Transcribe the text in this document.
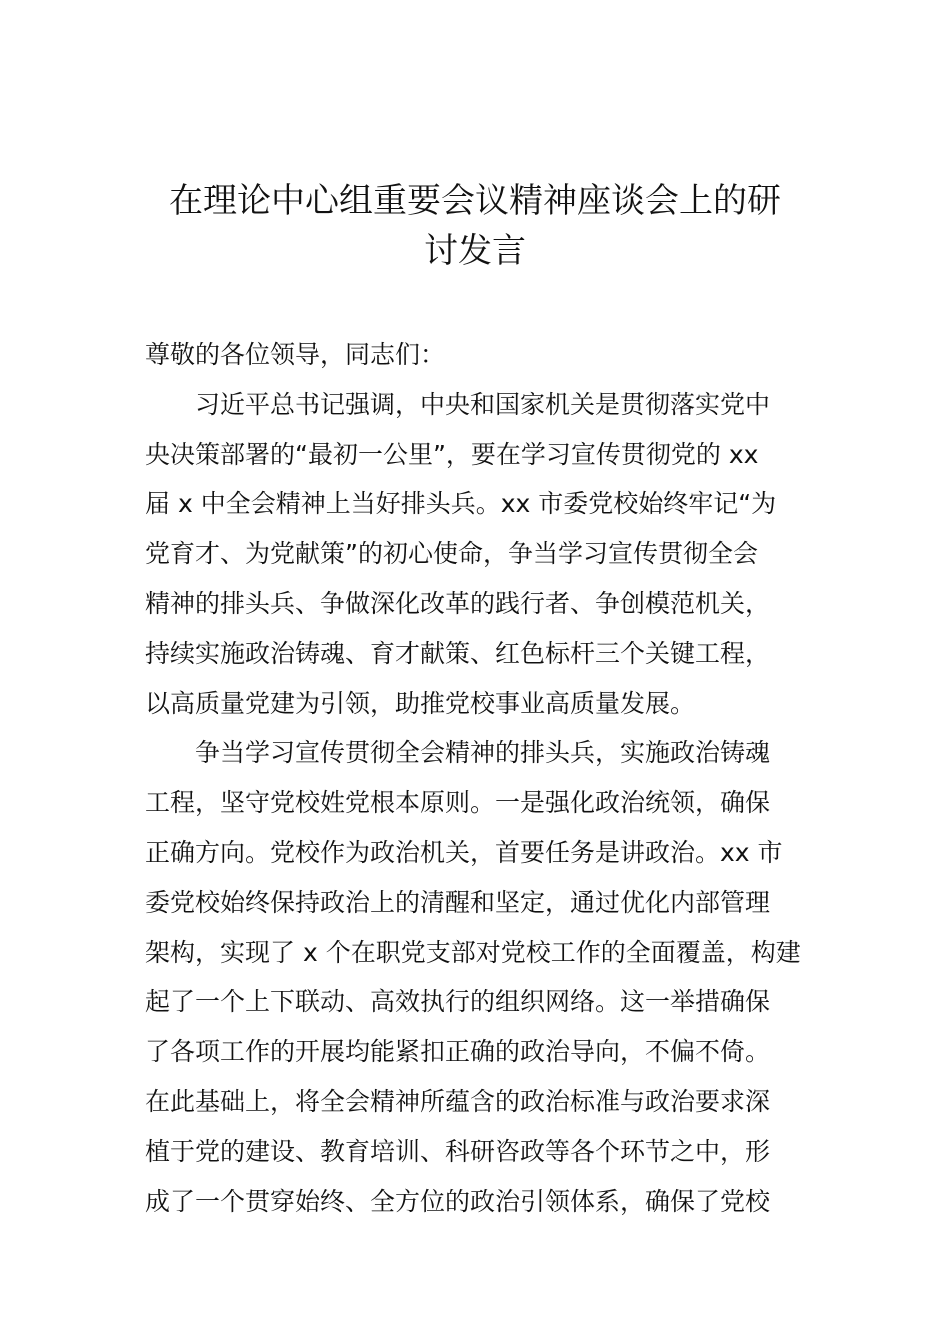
在理论中心组重要会议精神座谈会上的研
讨发言
尊敬的各位领导，同志们：
习近平总书记强调，中央和国家机关是贯彻落实党中
央决策部署的“最初一公里”，要在学习宣传贯彻党的 xx
届 x 中全会精神上当好排头兵。xx 市委党校始终牢记“为
党育才、为党献策”的初心使命，争当学习宣传贯彻全会
精神的排头兵、争做深化改革的践行者、争创模范机关，
持续实施政治铸魂、育才献策、红色标杆三个关键工程，
以高质量党建为引领，助推党校事业高质量发展。
争当学习宣传贯彻全会精神的排头兵，实施政治铸魂
工程，坚守党校姓党根本原则。一是强化政治统领，确保
正确方向。党校作为政治机关，首要任务是讲政治。xx 市
委党校始终保持政治上的清醒和坚定，通过优化内部管理
架构，实现了 x 个在职党支部对党校工作的全面覆盖，构建
起了一个上下联动、高效执行的组织网络。这一举措确保
了各项工作的开展均能紧扣正确的政治导向，不偏不倚。
在此基础上，将全会精神所蕴含的政治标准与政治要求深
植于党的建设、教育培训、科研咨政等各个环节之中，形
成了一个贯穿始终、全方位的政治引领体系，确保了党校
